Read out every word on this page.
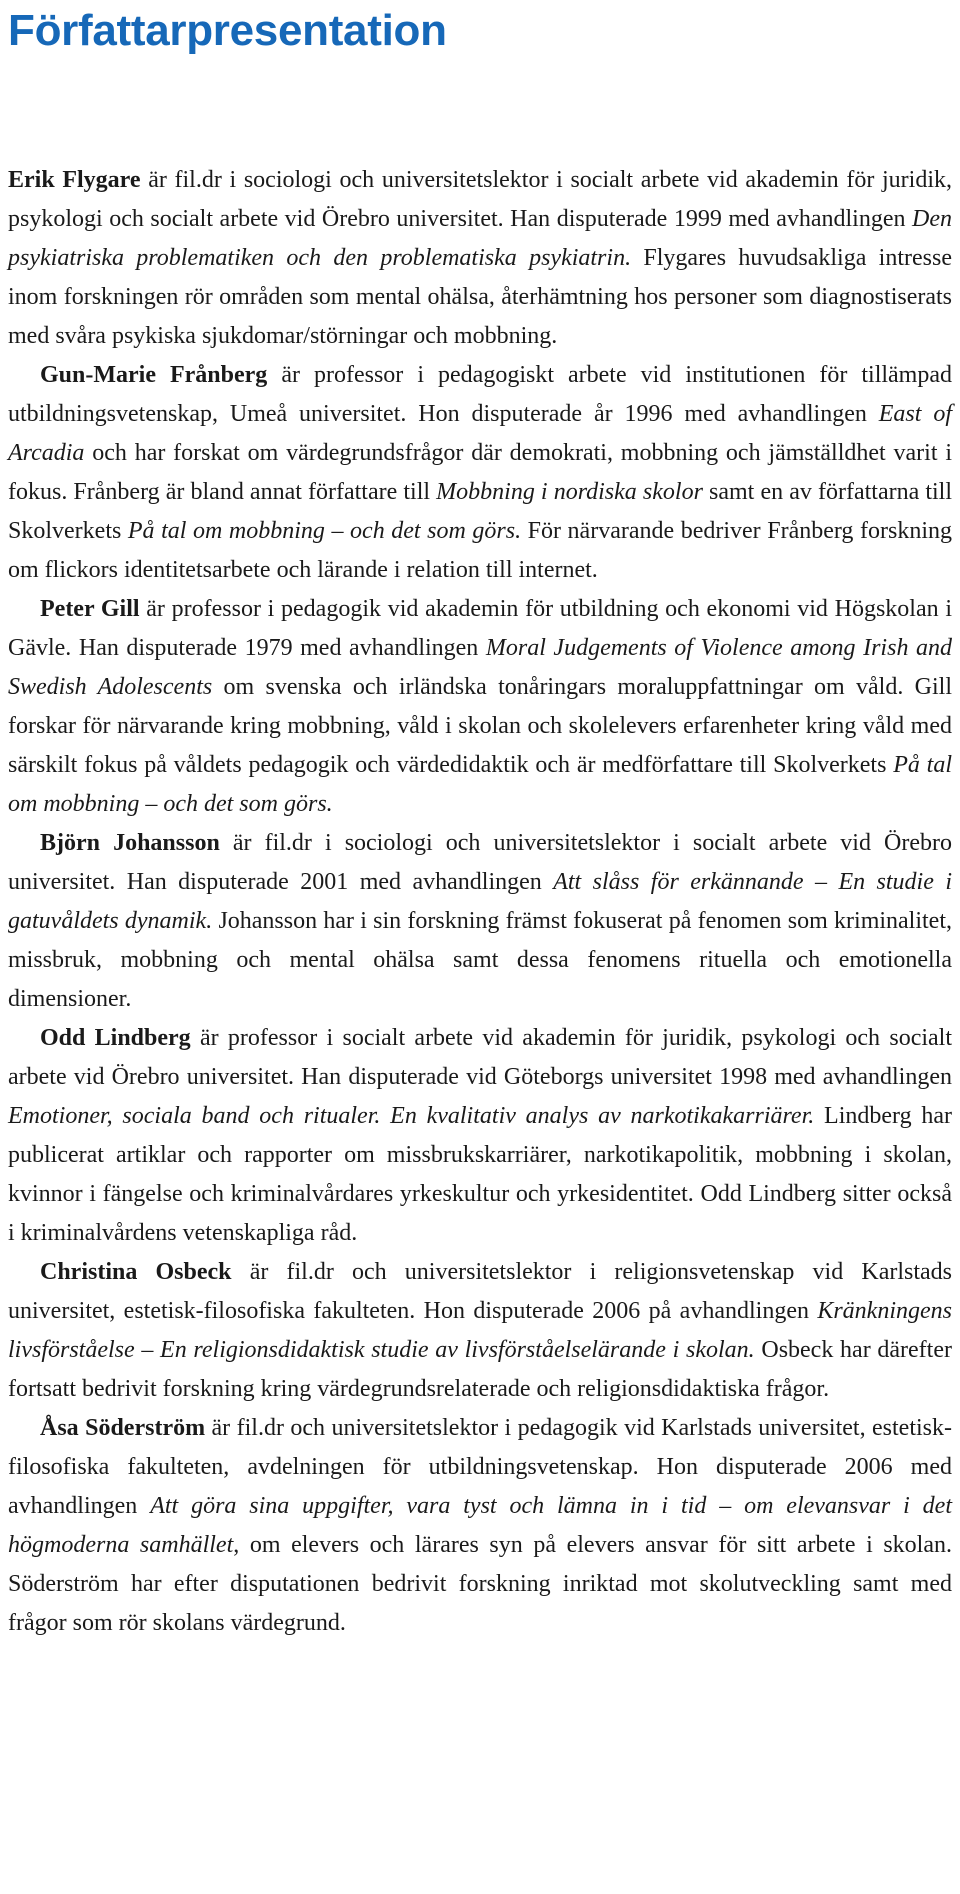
Författarpresentation

Erik Flygare är fil.dr i sociologi och universitetslektor i socialt arbete vid akademin för juridik, psykologi och socialt arbete vid Örebro universitet. Han disputerade 1999 med avhandlingen Den psykiatriska problematiken och den problematiska psykiatrin. Flygares huvudsakliga intresse inom forskningen rör områden som mental ohälsa, återhämtning hos personer som diagnostiserats med svåra psykiska sjukdomar/störningar och mobbning.

Gun-Marie Frånberg är professor i pedagogiskt arbete vid institutionen för tillämpad utbildningsvetenskap, Umeå universitet. Hon disputerade år 1996 med avhandlingen East of Arcadia och har forskat om värdegrundsfrågor där demokrati, mobbning och jämställdhet varit i fokus. Frånberg är bland annat författare till Mobbning i nordiska skolor samt en av författarna till Skolverkets På tal om mobbning – och det som görs. För närvarande bedriver Frånberg forskning om flickors identitetsarbete och lärande i relation till internet.

Peter Gill är professor i pedagogik vid akademin för utbildning och ekonomi vid Högskolan i Gävle. Han disputerade 1979 med avhandlingen Moral Judgements of Violence among Irish and Swedish Adolescents om svenska och irländska tonåringars moraluppfattningar om våld. Gill forskar för närvarande kring mobbning, våld i skolan och skolelevers erfarenheter kring våld med särskilt fokus på våldets pedagogik och värdedidaktik och är medförfattare till Skolverkets På tal om mobbning – och det som görs.

Björn Johansson är fil.dr i sociologi och universitetslektor i socialt arbete vid Örebro universitet. Han disputerade 2001 med avhandlingen Att slåss för erkännande – En studie i gatuvåldets dynamik. Johansson har i sin forskning främst fokuserat på fenomen som kriminalitet, missbruk, mobbning och mental ohälsa samt dessa fenomens rituella och emotionella dimensioner.

Odd Lindberg är professor i socialt arbete vid akademin för juridik, psykologi och socialt arbete vid Örebro universitet. Han disputerade vid Göteborgs universitet 1998 med avhandlingen Emotioner, sociala band och ritualer. En kvalitativ analys av narkotikakarriärer. Lindberg har publicerat artiklar och rapporter om missbrukskarriärer, narkotikapolitik, mobbning i skolan, kvinnor i fängelse och kriminalvårdares yrkeskultur och yrkesidentitet. Odd Lindberg sitter också i kriminalvårdens vetenskapliga råd.

Christina Osbeck är fil.dr och universitetslektor i religionsvetenskap vid Karlstads universitet, estetisk-filosofiska fakulteten. Hon disputerade 2006 på avhandlingen Kränkningens livsförståelse – En religionsdidaktisk studie av livsförståelselärande i skolan. Osbeck har därefter fortsatt bedrivit forskning kring värdegrundsrelaterade och religionsdidaktiska frågor.

Åsa Söderström är fil.dr och universitetslektor i pedagogik vid Karlstads universitet, estetisk-filosofiska fakulteten, avdelningen för utbildningsvetenskap. Hon disputerade 2006 med avhandlingen Att göra sina uppgifter, vara tyst och lämna in i tid – om elevansvar i det högmoderna samhället, om elevers och lärares syn på elevers ansvar för sitt arbete i skolan. Söderström har efter disputationen bedrivit forskning inriktad mot skolutveckling samt med frågor som rör skolans värdegrund.
